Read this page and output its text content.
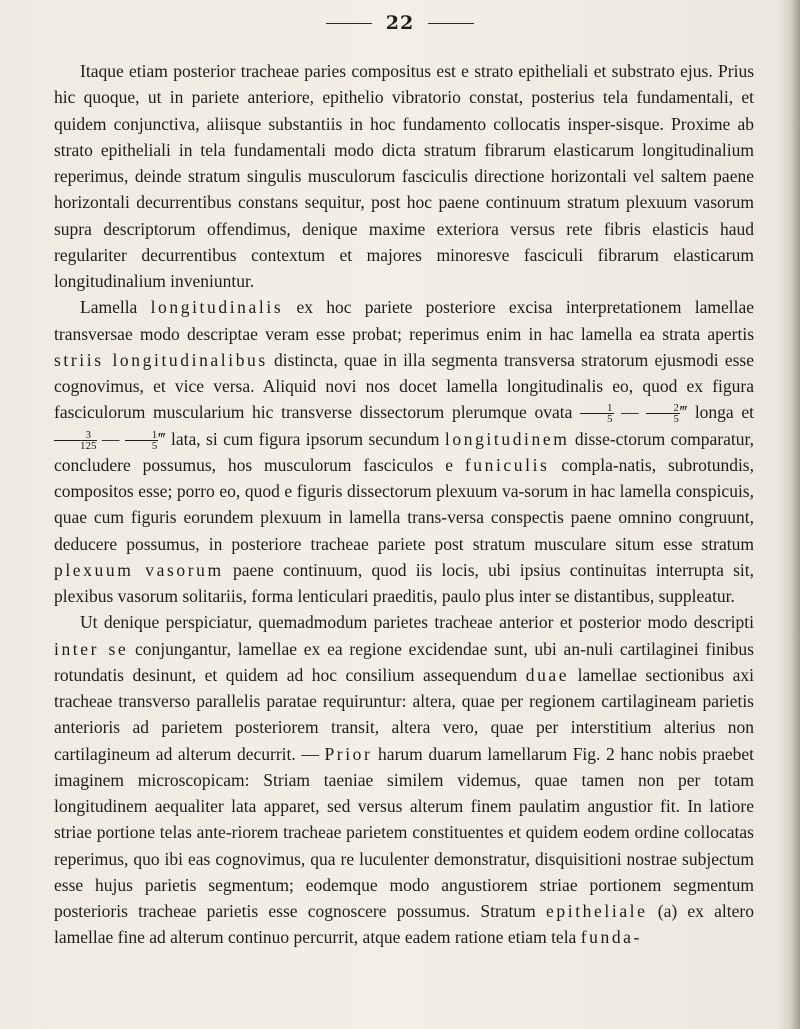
22

Itaque etiam posterior tracheae paries compositus est e strato epitheliali et substrato ejus. Prius hic quoque, ut in pariete anteriore, epithelio vibratorio constat, posterius tela fundamentali, et quidem conjunctiva, aliisque substantiis in hoc fundamento collocatis insper-sisque. Proxime ab strato epitheliali in tela fundamentali modo dicta stratum fibrarum elasticarum longitudinalium reperimus, deinde stratum singulis musculorum fasciculis directione horizontali vel saltem paene horizontali decurrentibus constans sequitur, post hoc paene continuum stratum plexuum vasorum supra descriptorum offendimus, denique maxime exteriora versus rete fibris elasticis haud regulariter decurrentibus contextum et majores minoresve fasciculi fibrarum elasticarum longitudinalium inveniuntur.

Lamella longitudinalis ex hoc pariete posteriore excisa interpretationem lamellae transversae modo descriptae veram esse probat; reperimus enim in hac lamella ea strata apertis striis longitudinalibus distincta, quae in illa segmenta transversa stratorum ejusmodi esse cognovimus, et vice versa. Aliquid novi nos docet lamella longitudinalis eo, quod ex figura fasciculorum muscularium hic transverse dissectorum plerumque ovata $\frac{1}{5}$ — $\frac{2}{5}$ ‴ longa et
$\frac{3}{125}$ — $\frac{1}{5}$ ‴ lata, si cum figura ipsorum secundum longitudinem disse-ctorum comparatur, concludere possumus, hos musculorum fasciculos e funiculis compla-natis, subrotundis, compositos esse; porro eo, quod e figuris dissectorum plexuum va-sorum in hac lamella conspicuis, quae cum figuris eorundem plexuum in lamella trans-versa conspectis paene omnino congruunt, deducere possumus, in posteriore tracheae pariete post stratum musculare situm esse stratum plexuum vasorum paene continuum, quod iis locis, ubi ipsius continuitas interrupta sit, plexibus vasorum solitariis, forma lenticulari praeditis, paulo plus inter se distantibus, suppleatur.

Ut denique perspiciatur, quemadmodum parietes tracheae anterior et posterior modo descripti inter se conjungantur, lamellae ex ea regione excidendae sunt, ubi an-nuli cartilaginei finibus rotundatis desinunt, et quidem ad hoc consilium assequendum duae lamellae sectionibus axi tracheae transverso parallelis paratae requiruntur: altera, quae per regionem cartilagineam parietis anterioris ad parietem posteriorem transit, altera vero, quae per interstitium alterius non cartilagineum ad alterum decurrit. — Prior harum duarum lamellarum Fig. 2 hanc nobis praebet imaginem microscopicam: Striam taeniae similem videmus, quae tamen non per totam longitudinem aequaliter lata apparet, sed versus alterum finem paulatim angustior fit. In latiore striae portione telas ante-riorem tracheae parietem constituentes et quidem eodem ordine collocatas reperimus, quo ibi eas cognovimus, qua re luculenter demonstratur, disquisitioni nostrae subjectum esse hujus parietis segmentum; eodemque modo angustiorem striae portionem segmentum posterioris tracheae parietis esse cognoscere possumus. Stratum epitheliale (a) ex altero lamellae fine ad alterum continuo percurrit, atque eadem ratione etiam tela funda-
